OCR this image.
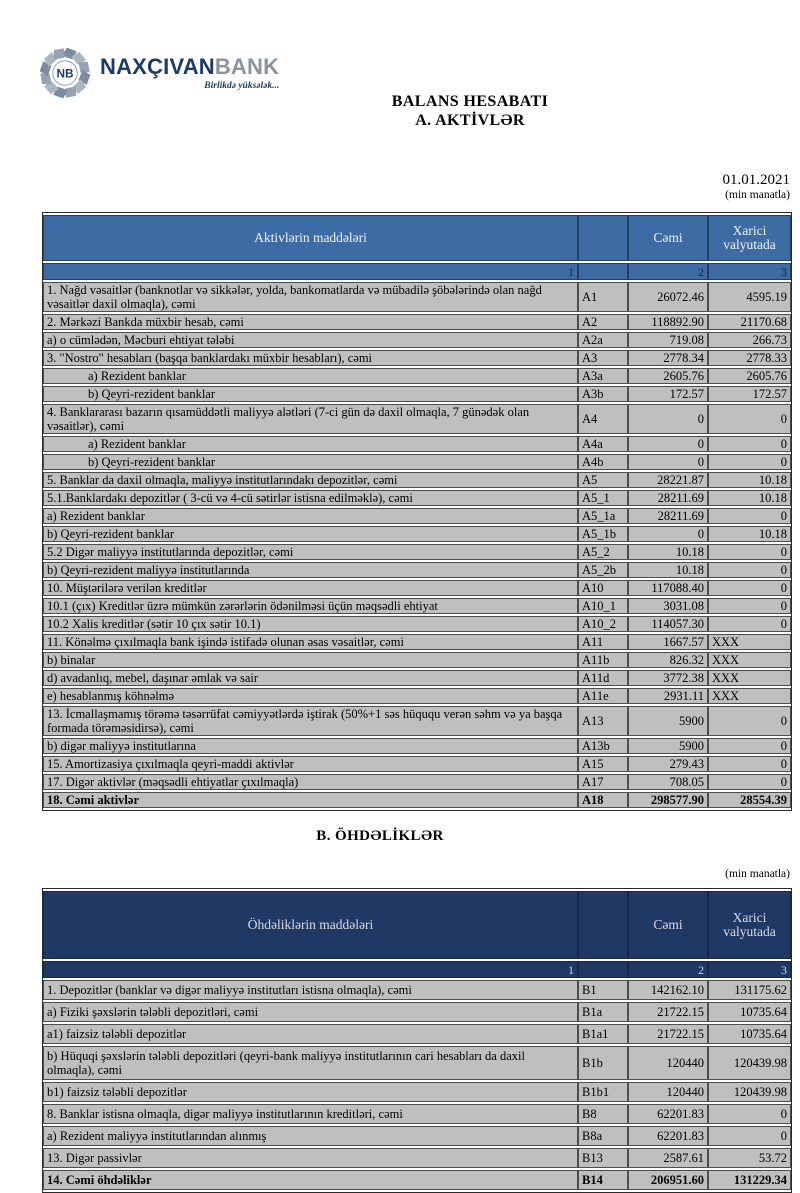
NB NAXÇIVANBANK
Birlikdə yüksələk...
BALANS HESABATI
A. AKTİVLƏR
01.01.2021
(min manatla)
Aktivlərin maddələri		Cəmi	Xarici valyutada
1		2	3
1. Nağd vəsaitlər (banknotlar və sikkələr, yolda, bankomatlarda və mübadilə şöbələrində olan nağd vəsaitlər daxil olmaqla), cəmi	A1	26072.46	4595.19
2. Mərkəzi Bankda müxbir hesab, cəmi	A2	118892.90	21170.68
a) o cümlədən, Məcburi ehtiyat tələbi	A2a	719.08	266.73
3. "Nostro" hesabları (başqa banklardakı müxbir hesabları), cəmi	A3	2778.34	2778.33
a) Rezident banklar	A3a	2605.76	2605.76
b) Qeyri-rezident banklar	A3b	172.57	172.57
4. Banklararası bazarın qısamüddətli maliyyə alətləri (7-ci gün də daxil olmaqla, 7 günədək olan vəsaitlər), cəmi	A4	0	0
a) Rezident banklar	A4a	0	0
b) Qeyri-rezident banklar	A4b	0	0
5. Banklar da daxil olmaqla, maliyyə institutlarındakı depozitlər, cəmi	A5	28221.87	10.18
5.1.Banklardakı depozitlər ( 3-cü və 4-cü sətirlər istisna edilməklə), cəmi	A5_1	28211.69	10.18
a) Rezident banklar	A5_1a	28211.69	0
b) Qeyri-rezident banklar	A5_1b	0	10.18
5.2 Digər maliyyə institutlarında depozitlər, cəmi	A5_2	10.18	0
b) Qeyri-rezident maliyyə institutlarında	A5_2b	10.18	0
10. Müştərilərə verilən kreditlər	A10	117088.40	0
10.1 (çıx) Kreditlər üzrə mümkün zərərlərin ödənilməsi üçün məqsədli ehtiyat	A10_1	3031.08	0
10.2 Xalis kreditlər (sətir 10 çıx sətir 10.1)	A10_2	114057.30	0
11. Könəlmə çıxılmaqla bank işində istifadə olunan əsas vəsaitlər, cəmi	A11	1667.57	XXX
b) binalar	A11b	826.32	XXX
d) avadanlıq, mebel, daşınar əmlak və sair	A11d	3772.38	XXX
e) hesablanmış köhnəlmə	A11e	2931.11	XXX
13. İcmallaşmamış törəmə təsərrüfat cəmiyyətlərdə iştirak (50%+1 səs hüququ verən səhm və ya başqa formada törəməsidirsə), cəmi	A13	5900	0
b) digər maliyyə institutlarına	A13b	5900	0
15. Amortizasiya çıxılmaqla qeyri-maddi aktivlər	A15	279.43	0
17. Digər aktivlər (məqsədli ehtiyatlar çıxılmaqla)	A17	708.05	0
18. Cəmi aktivlər	A18	298577.90	28554.39
B. ÖHDƏLİKLƏR
(min manatla)
Öhdəliklərin maddələri		Cəmi	Xarici valyutada
1		2	3
1. Depozitlər (banklar və digər maliyyə institutları istisna olmaqla), cəmi	B1	142162.10	131175.62
a) Fiziki şəxslərin tələbli depozitləri, cəmi	B1a	21722.15	10735.64
a1) faizsiz tələbli depozitlər	B1a1	21722.15	10735.64
b) Hüquqi şəxslərin tələbli depozitləri (qeyri-bank maliyyə institutlarının cari hesabları da daxil olmaqla), cəmi	B1b	120440	120439.98
b1) faizsiz tələbli depozitlər	B1b1	120440	120439.98
8. Banklar istisna olmaqla, digər maliyyə institutlarının kreditləri, cəmi	B8	62201.83	0
a) Rezident maliyyə institutlarından alınmış	B8a	62201.83	0
13. Digər passivlər	B13	2587.61	53.72
14. Cəmi öhdəliklər	B14	206951.60	131229.34
